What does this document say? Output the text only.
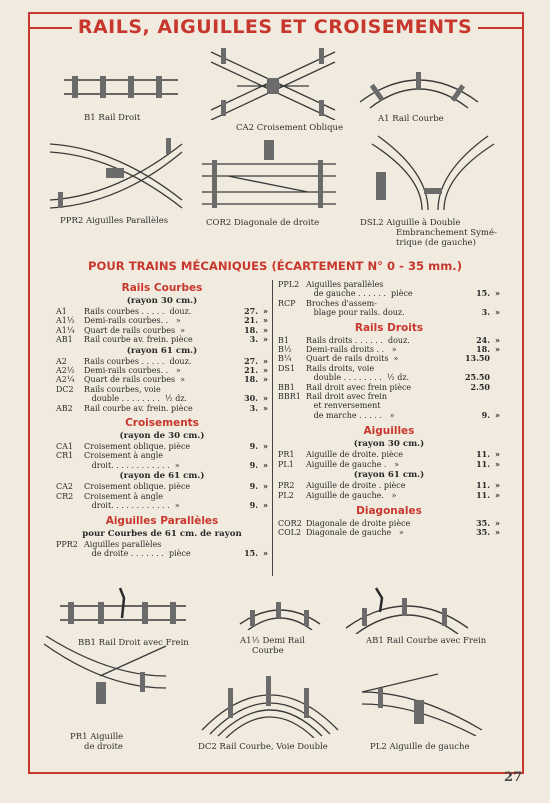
RAILS, AIGUILLES ET CROISEMENTS
B1 Rail Droit
CA2 Croisement Oblique
A1 Rail Courbe
PPR2 Aiguilles Parallèles	COR2 Diagonale de droite	DSL2 Aiguille à Double
Embranchement Symé-
trique (de gauche)
POUR TRAINS MÉCANIQUES (ÉCARTEMENT N° 0 - 35 mm.)
Rails Courbes
(rayon 30 cm.)
A1	Rails courbes . . . . .  douz.	27. »
A1½	Demi-rails courbes. .   »	21. »
A1¼	Quart de rails courbes  »	18. »
AB1	Rail courbe av. frein. pièce	3. »
(rayon 61 cm.)
A2	Rails courbes . . . . .  douz.	27. »
A2½	Demi-rails courbes. .   »	21. »
A2¼	Quart de rails courbes  »	18. »
DC2	Rails courbes, voie
double . . . . . . . .  ½ dz.	30. »
AB2	Rail courbe av. frein. pièce	3. »
Croisements
(rayon de 30 cm.)
CA1	Croisement oblique. pièce	9. »
CR1	Croisement à angle
droit. . . . . . . . . . . .  »	9. »
(rayon de 61 cm.)
CA2	Croisement oblique. pièce	9. »
CR2	Croisement à angle
droit. . . . . . . . . . . .  »	9. »
Aiguilles Parallèles
pour Courbes de 61 cm. de rayon
PPR2 Aiguilles parallèles
de droite . . . . . . .  pièce	15. »
PPL2 Aiguilles parallèles
de gauche . . . . . .  pièce	15. »
RCP	Broches d'assem-
blage pour rails. douz.	3. »
Rails Droits
B1	Rails droits . . . . . .  douz.	24. »
B½	Demi-rails droits . .   »	18. »
B¼	Quart de rails droits  »	13.50
DS1	Rails droits, voie
double . . . . . . . .  ½ dz.	25.50
BB1	Rail droit avec frein pièce	2.50
BBR1 Rail droit avec frein
et renversement
de marche . . . . .   »	9. »
Aiguilles
(rayon 30 cm.)
PR1	Aiguille de droite. pièce	11. »
PL1	Aiguille de gauche .   »	11. »
(rayon 61 cm.)
PR2	Aiguille de droite . pièce	11. »
PL2	Aiguille de gauche.   »	11. »
Diagonales
COR2 Diagonale de droite pièce	35. »
COL2 Diagonale de gauche   »	35. »
BB1 Rail Droit avec Frein	A1½ Demi Rail
Courbe
AB1 Rail Courbe avec Frein
PR1 Aiguille
de droite	DC2 Rail Courbe, Voie Double	PL2 Aiguille de gauche
27
